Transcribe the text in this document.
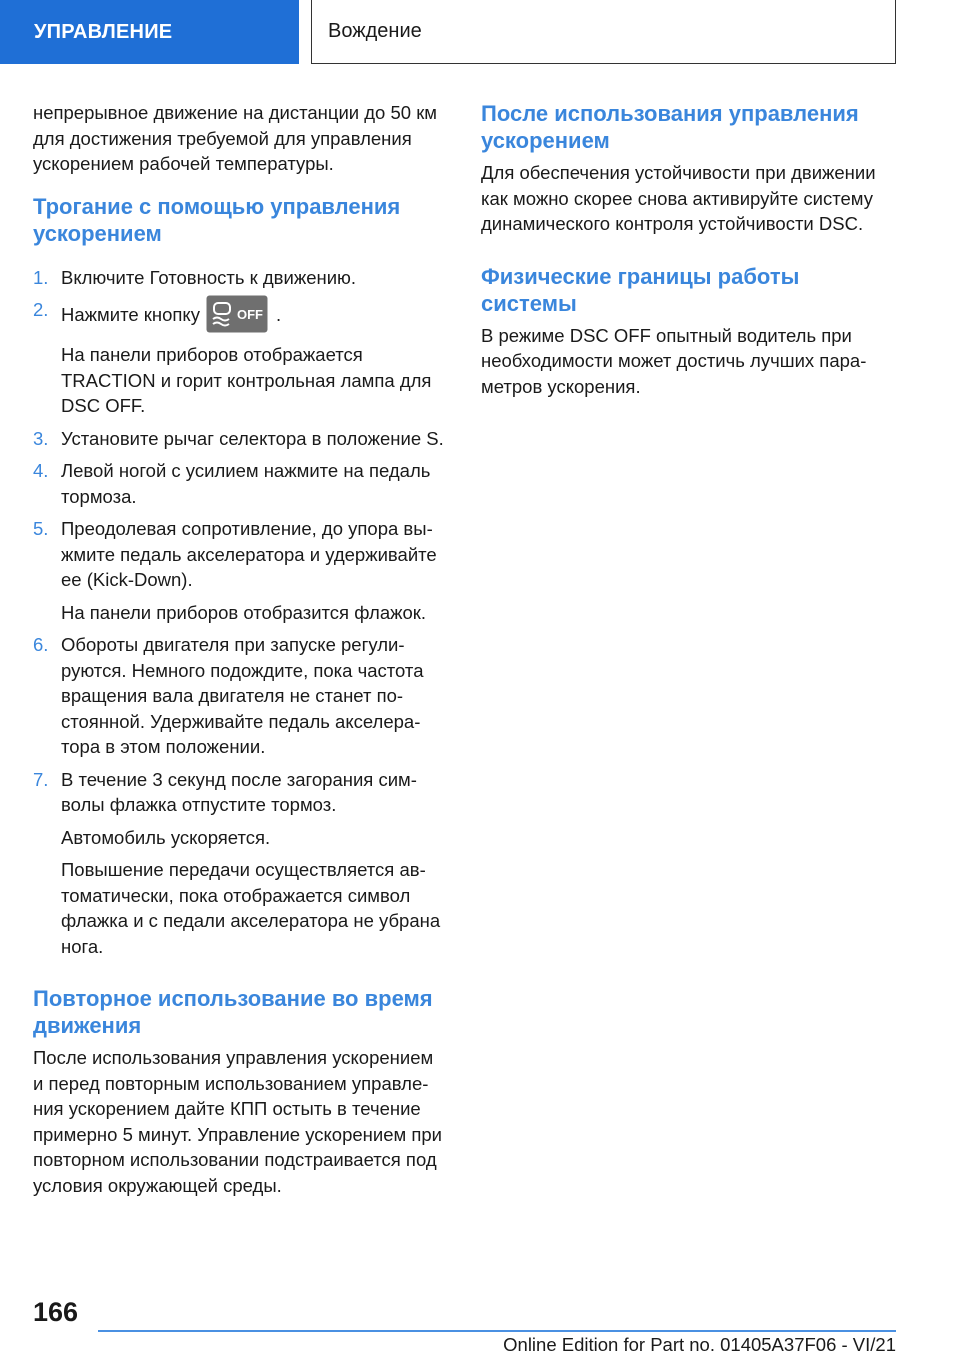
УПРАВЛЕНИЕ	Вождение

непрерывное движение на дистанции до 50 км для достижения требуемой для управления ускорением рабочей температуры.

Трогание с помощью управления ускорением
1. Включите Готовность к движению.

2. Нажмите кнопку	OFF .

На панели приборов отображается TRACTION и горит контрольная лампа для DSC OFF.

3. Установите рычаг селектора в положение S.

4. Левой ногой с усилием нажмите на педаль тормоза.

5. Преодолевая сопротивление, до упора выжмите педаль акселератора и удерживайте ее (Kick-Down).

На панели приборов отобразится флажок.

6. Обороты двигателя при запуске регулируются. Немного подождите, пока частота вращения вала двигателя не станет постоянной. Удерживайте педаль акселератора в этом положении.

7. В течение 3 секунд после загорания символы флажка отпустите тормоз.

Автомобиль ускоряется.

Повышение передачи осуществляется автоматически, пока отображается символ флажка и с педали акселератора не убрана нога.

Повторное использование во время движения

После использования управления ускорением и перед повторным использованием управления ускорением дайте КПП остыть в течение примерно 5 минут. Управление ускорением при повторном использовании подстраивается под условия окружающей среды.

После использования управления ускорением

Для обеспечения устойчивости при движении как можно скорее снова активируйте систему динамического контроля устойчивости DSC.

Физические границы работы системы

В режиме DSC OFF опытный водитель при необходимости может достичь лучших параметров ускорения.

166
Online Edition for Part no. 01405A37F06 - VI/21
